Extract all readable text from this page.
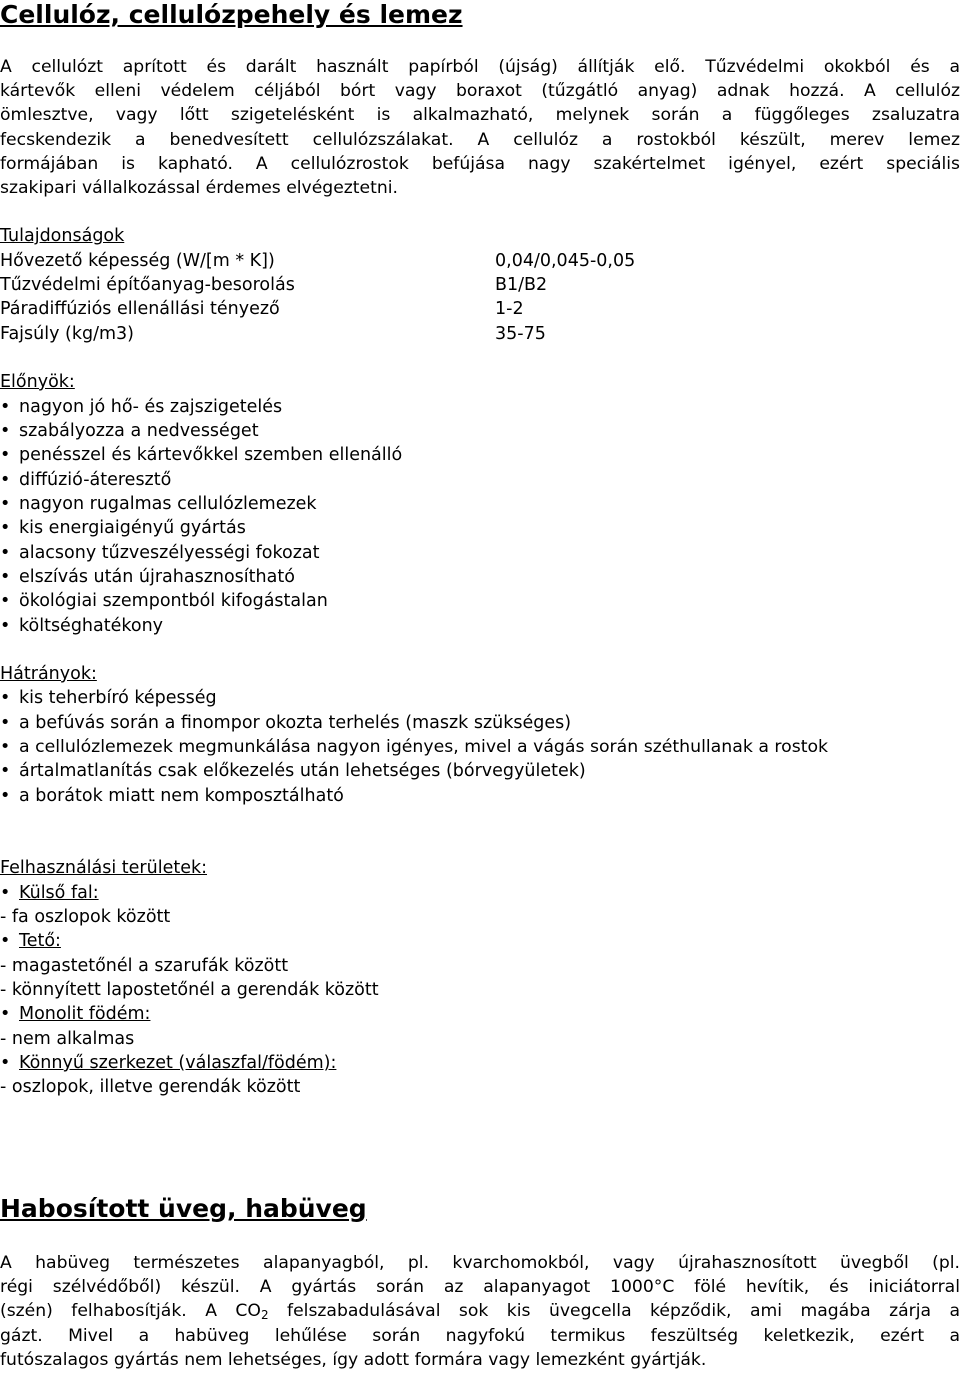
Cellulóz, cellulózpehely és lemez
A cellulózt aprított és darált használt papírból (újság) állítják elő. Tűzvédelmi okokból és a
kártevők elleni védelem céljából bórt vagy boraxot (tűzgátló anyag) adnak hozzá. A cellulóz
ömlesztve, vagy lőtt szigetelésként is alkalmazható, melynek során a függőleges zsaluzatra
fecskendezik a benedvesített cellulózszálakat. A cellulóz a rostokból készült, merev lemez
formájában is kapható. A cellulózrostok befújása nagy szakértelmet igényel, ezért speciális
szakipari vállalkozással érdemes elvégeztetni.
Tulajdonságok
Hővezető képesség (W/[m * K])	0,04/0,045-0,05
Tűzvédelmi építőanyag-besorolás	B1/B2
Páradiffúziós ellenállási tényező	1-2
Fajsúly (kg/m3)	35-75
Előnyök:
• nagyon jó hő- és zajszigetelés
• szabályozza a nedvességet
• penésszel és kártevőkkel szemben ellenálló
• diffúzió-áteresztő
• nagyon rugalmas cellulózlemezek
• kis energiaigényű gyártás
• alacsony tűzveszélyességi fokozat
• elszívás után újrahasznosítható
• ökológiai szempontból kifogástalan
• költséghatékony
Hátrányok:
• kis teherbíró képesség
• a befúvás során a finompor okozta terhelés (maszk szükséges)
• a cellulózlemezek megmunkálása nagyon igényes, mivel a vágás során széthullanak a rostok
• ártalmatlanítás csak előkezelés után lehetséges (bórvegyületek)
• a borátok miatt nem komposztálható
Felhasználási területek:
• Külső fal:
- fa oszlopok között
• Tető:
- magastetőnél a szarufák között
- könnyített lapostetőnél a gerendák között
• Monolit födém:
- nem alkalmas
• Könnyű szerkezet (válaszfal/födém):
- oszlopok, illetve gerendák között
Habosított üveg, habüveg
A habüveg természetes alapanyagból, pl. kvarchomokból, vagy újrahasznosított üvegből (pl.
régi szélvédőből) készül. A gyártás során az alapanyagot 1000°C fölé hevítik, és iniciátorral
(szén) felhabosítják. A $CO_2$ felszabadulásával sok kis üvegcella képződik, ami magába zárja a
gázt. Mivel a habüveg lehűlése során nagyfokú termikus feszültség keletkezik, ezért a
futószalagos gyártás nem lehetséges, így adott formára vagy lemezként gyártják.
